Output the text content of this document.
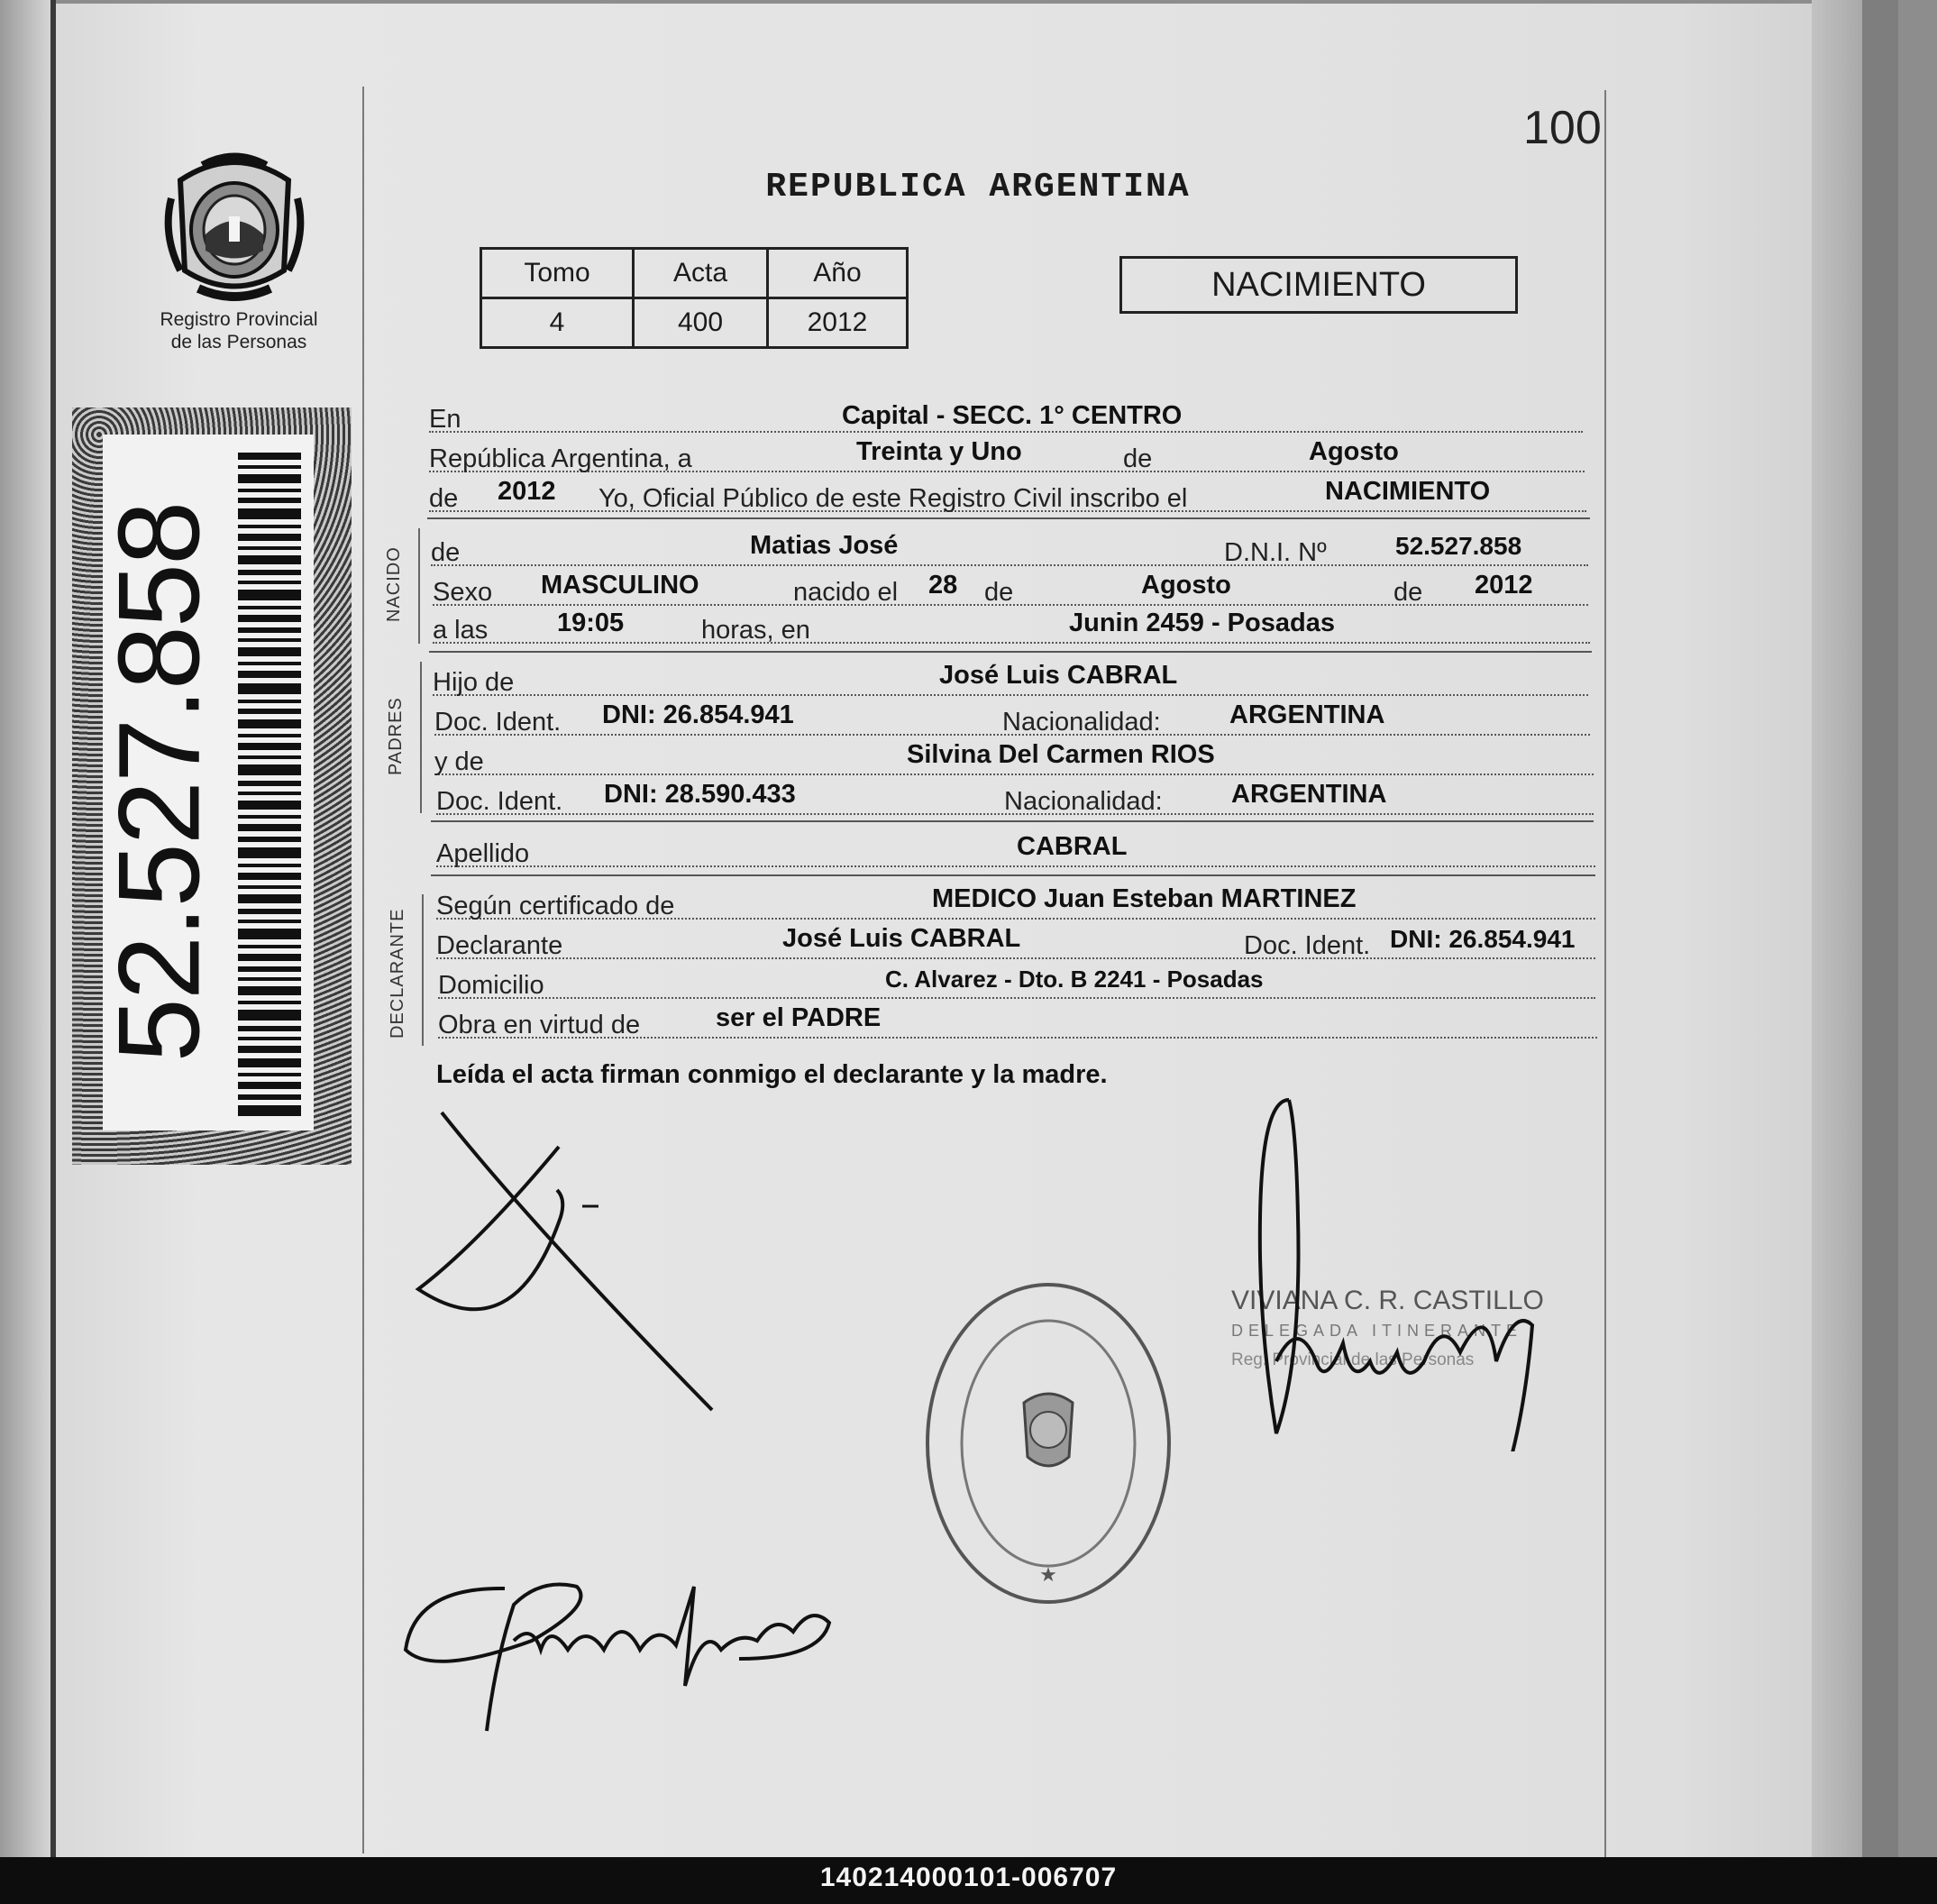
Registro Provincial
de las Personas
52.527.858
100
REPUBLICA ARGENTINA
Tomo	Acta	Año
4	400	2012
NACIMIENTO
En	Capital - SECC. 1° CENTRO
República Argentina, a	Treinta y Uno	de	Agosto
de 2012 Yo, Oficial Público de este Registro Civil inscribo el	NACIMIENTO
NACIDO de	Matias José	D.N.I. Nº	52.527.858
Sexo MASCULINO	nacido el 28 de	Agosto	de 2012
a las	19:05	horas, en	Junin 2459 - Posadas
PADRES
Hijo de	José Luis CABRAL
Doc. Ident. DNI: 26.854.941	Nacionalidad:	ARGENTINA
y de	Silvina Del Carmen RIOS
Doc. Ident. DNI: 28.590.433	Nacionalidad:	ARGENTINA
Apellido	CABRAL
DECLARANTE
Según certificado de	MEDICO Juan Esteban MARTINEZ
Declarante	José Luis CABRAL	Doc. Ident. DNI: 26.854.941
Domicilio	C. Alvarez - Dto. B 2241 - Posadas
Obra en virtud de	ser el PADRE
Leída el acta firman conmigo el declarante y la madre.
★
VIVIANA C. R. CASTILLO
DELEGADA ITINERANTE
Reg. Provincial de las Personas
140214000101-006707
